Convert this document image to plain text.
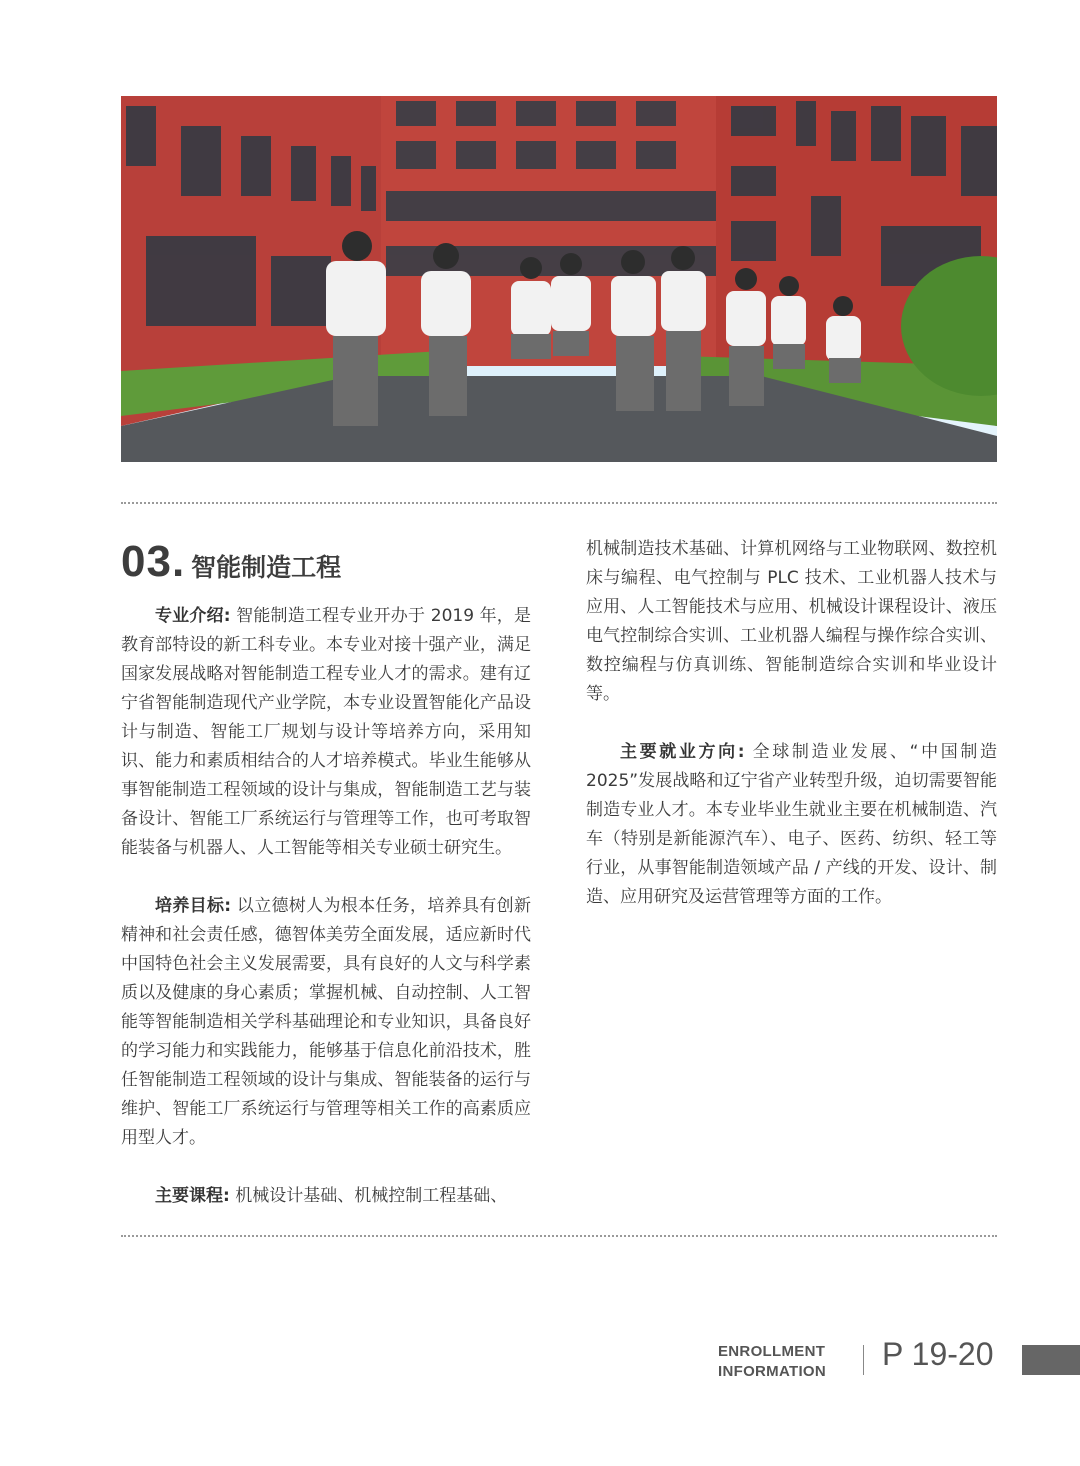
03. 智能制造工程

专业介绍: 智能制造工程专业开办于 2019 年，是教育部特设的新工科专业。本专业对接十强产业，满足国家发展战略对智能制造工程专业人才的需求。建有辽宁省智能制造现代产业学院，本专业设置智能化产品设计与制造、智能工厂规划与设计等培养方向，采用知识、能力和素质相结合的人才培养模式。毕业生能够从事智能制造工程领域的设计与集成，智能制造工艺与装备设计、智能工厂系统运行与管理等工作，也可考取智能装备与机器人、人工智能等相关专业硕士研究生。

培养目标: 以立德树人为根本任务，培养具有创新精神和社会责任感，德智体美劳全面发展，适应新时代中国特色社会主义发展需要，具有良好的人文与科学素质以及健康的身心素质；掌握机械、自动控制、人工智能等智能制造相关学科基础理论和专业知识，具备良好的学习能力和实践能力，能够基于信息化前沿技术，胜任智能制造工程领域的设计与集成、智能装备的运行与维护、智能工厂系统运行与管理等相关工作的高素质应用型人才。

主要课程: 机械设计基础、机械控制工程基础、

机械制造技术基础、计算机网络与工业物联网、数控机床与编程、电气控制与 PLC 技术、工业机器人技术与应用、人工智能技术与应用、机械设计课程设计、液压电气控制综合实训、工业机器人编程与操作综合实训、数控编程与仿真训练、智能制造综合实训和毕业设计等。

主要就业方向: 全球制造业发展、“中国制造 2025”发展战略和辽宁省产业转型升级，迫切需要智能制造专业人才。本专业毕业生就业主要在机械制造、汽车（特别是新能源汽车）、电子、医药、纺织、轻工等行业，从事智能制造领域产品 / 产线的开发、设计、制造、应用研究及运营管理等方面的工作。

ENROLLMENT
INFORMATION	P 19-20
